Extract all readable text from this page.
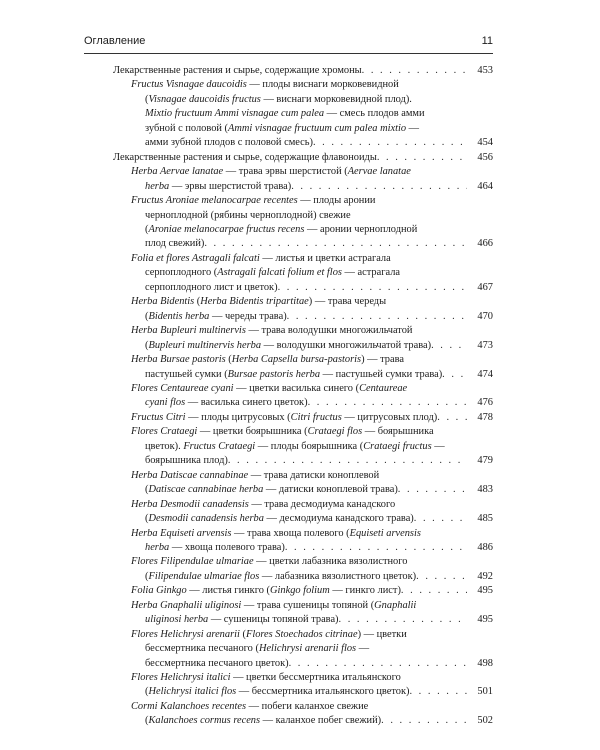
Оглавление	11
Лекарственные растения и сырье, содержащие хромоны . . .	453
Fructus Visnagae daucoidis — плоды виснаги морковевидной
(Visnagae daucoidis fructus — виснаги морковевидной плод).
Mixtio fructuum Ammi visnagae cum palea — смесь плодов амми
зубной с половой (Ammi visnagae fructuum cum palea mixtio —
амми зубной плодов с половой смесь) . . .	454
Лекарственные растения и сырье, содержащие флавоноиды . . .	456
Herba Aervae lanatae — трава эрвы шерстистой (Aervae lanatae
herba — эрвы шерстистой трава) . . .	464
Fructus Aroniae melanocarpae recentes — плоды аронии
черноплодной (рябины черноплодной) свежие
(Aroniae melanocarpae fructus recens — аронии черноплодной
плод свежий) . . .	466
Folia et flores Astragali falcati — листья и цветки астрагала
серпоплодного (Astragali falcati folium et flos — астрагала
серпоплодного лист и цветок) . . .	467
Herba Bidentis (Herba Bidentis tripartitae) — трава череды
(Bidentis herba — череды трава) . . .	470
Herba Bupleuri multinervis — трава володушки многожильчатой
(Bupleuri multinervis herba — володушки многожильчатой трава) . . .	473
Herba Bursae pastoris (Herba Capsella bursa-pastoris) — трава
пастушьей сумки (Bursae pastoris herba — пастушьей сумки трава) . . .	474
Flores Centaureae cyani — цветки василька синего (Centaureae
cyani flos — василька синего цветок) . . .	476
Fructus Citri — плоды цитрусовых (Citri fructus — цитрусовых плод) . . .	478
Flores Crataegi — цветки боярышника (Crataegi flos — боярышника
цветок). Fructus Crataegi — плоды боярышника (Crataegi fructus —
боярышника плод) . . .	479
Herba Datiscae cannabinae — трава датиски коноплевой
(Datiscae cannabinae herba — датиски коноплевой трава) . . .	483
Herba Desmodii canadensis — трава десмодиума канадского
(Desmodii canadensis herba — десмодиума канадского трава) . . .	485
Herba Equiseti arvensis — трава хвоща полевого (Equiseti arvensis
herba — хвоща полевого трава) . . .	486
Flores Filipendulae ulmariae — цветки лабазника вязолистного
(Filipendulae ulmariae flos — лабазника вязолистного цветок) . . .	492
Folia Ginkgo — листья гинкго (Ginkgo folium — гинкго лист) . . .	495
Herba Gnaphalii uliginosi — трава сушеницы топяной (Gnaphalii
uliginosi herba — сушеницы топяной трава) . . .	495
Flores Helichrysi arenarii (Flores Stoechados citrinae) — цветки
бессмертника песчаного (Helichrysi arenarii flos —
бессмертника песчаного цветок) . . .	498
Flores Helichrysi italici — цветки бессмертника итальянского
(Helichrysi italici flos — бессмертника итальянского цветок) . . .	501
Cormi Kalanchoes recentes — побеги каланхое свежие
(Kalanchoes cormus recens — каланхое побег свежий) . . .	502
